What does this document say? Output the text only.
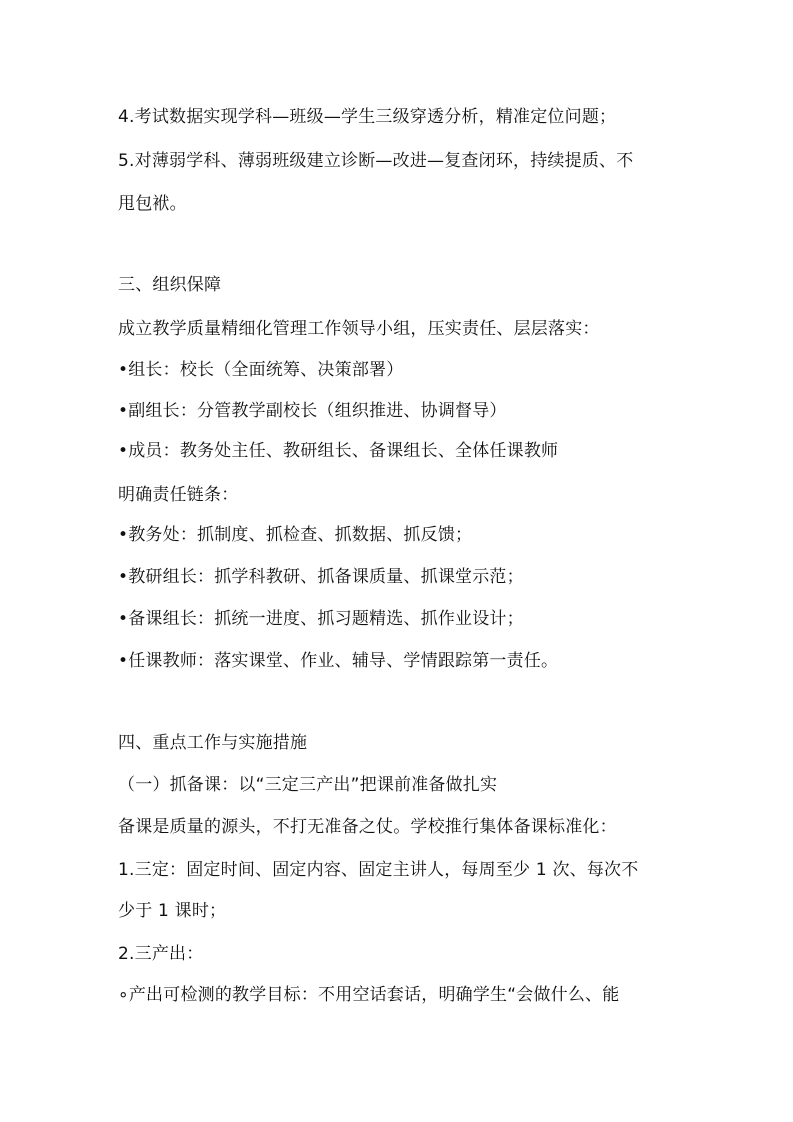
4.考试数据实现学科—班级—学生三级穿透分析，精准定位问题；
5.对薄弱学科、薄弱班级建立诊断—改进—复查闭环，持续提质、不
甩包袱。
三、组织保障
成立教学质量精细化管理工作领导小组，压实责任、层层落实：
•组长：校长（全面统筹、决策部署）
•副组长：分管教学副校长（组织推进、协调督导）
•成员：教务处主任、教研组长、备课组长、全体任课教师
明确责任链条：
•教务处：抓制度、抓检查、抓数据、抓反馈；
•教研组长：抓学科教研、抓备课质量、抓课堂示范；
•备课组长：抓统一进度、抓习题精选、抓作业设计；
•任课教师：落实课堂、作业、辅导、学情跟踪第一责任。
四、重点工作与实施措施
（一）抓备课：以“三定三产出”把课前准备做扎实
备课是质量的源头，不打无准备之仗。学校推行集体备课标准化：
1.三定：固定时间、固定内容、固定主讲人，每周至少 1 次、每次不
少于 1 课时；
2.三产出：
∘产出可检测的教学目标：不用空话套话，明确学生“会做什么、能
